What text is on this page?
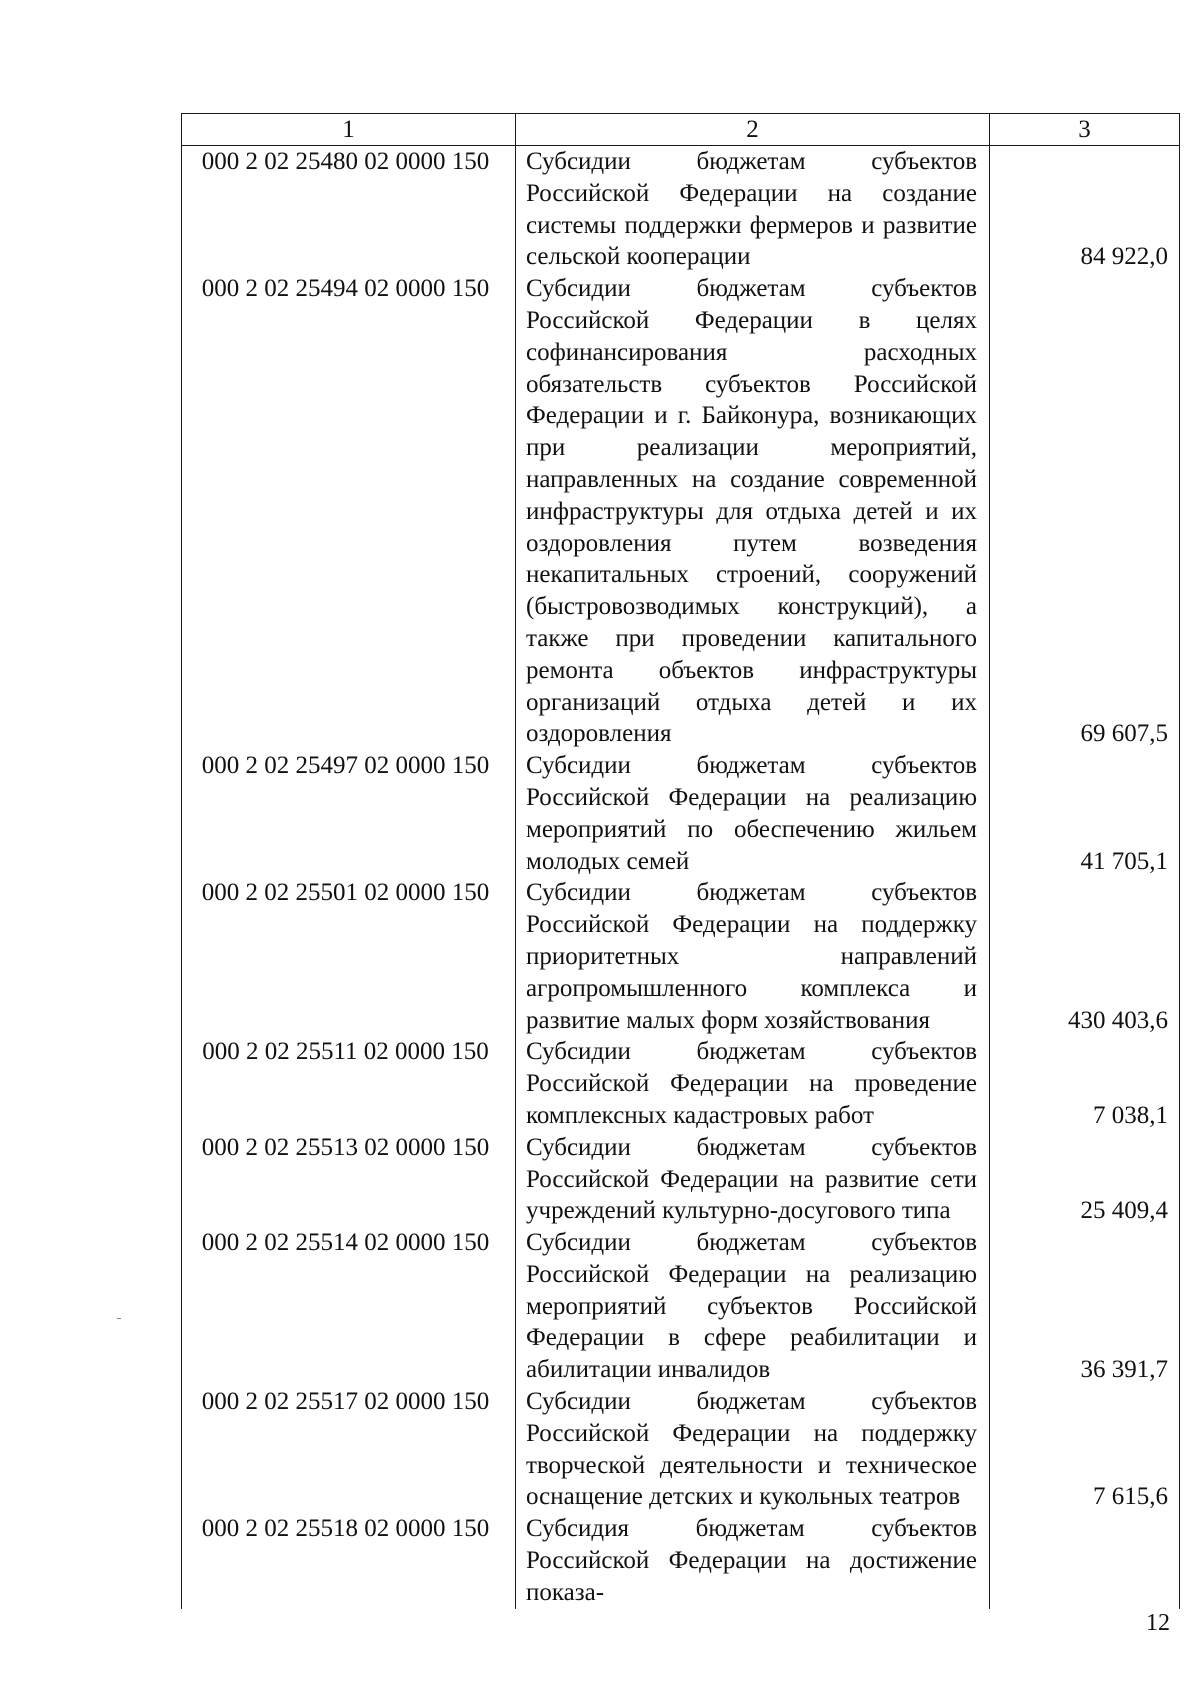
1	2	3
000 2 02 25480 02 0000 150	Субсидии бюджетам субъектов Российской Федерации на создание системы поддержки фермеров и развитие сельской кооперации	84 922,0
000 2 02 25494 02 0000 150	Субсидии бюджетам субъектов Российской Федерации в целях софинансирования расходных обязательств субъектов Российской Федерации и г. Байконура, возникающих при реализации мероприятий, направленных на создание современной инфраструктуры для отдыха детей и их оздоровления путем возведения некапитальных строений, сооружений (быстровозводимых конструкций), а также при проведении капитального ремонта объектов инфраструктуры организаций отдыха детей и их оздоровления	69 607,5
000 2 02 25497 02 0000 150	Субсидии бюджетам субъектов Российской Федерации на реализацию мероприятий по обеспечению жильем молодых семей	41 705,1
000 2 02 25501 02 0000 150	Субсидии бюджетам субъектов Российской Федерации на поддержку приоритетных направлений агропромышленного комплекса и развитие малых форм хозяйствования	430 403,6
000 2 02 25511 02 0000 150	Субсидии бюджетам субъектов Российской Федерации на проведение комплексных кадастровых работ	7 038,1
000 2 02 25513 02 0000 150	Субсидии бюджетам субъектов Российской Федерации на развитие сети учреждений культурно-досугового типа	25 409,4
000 2 02 25514 02 0000 150	Субсидии бюджетам субъектов Российской Федерации на реализацию мероприятий субъектов Российской Федерации в сфере реабилитации и абилитации инвалидов	36 391,7
000 2 02 25517 02 0000 150	Субсидии бюджетам субъектов Российской Федерации на поддержку творческой деятельности и техническое оснащение детских и кукольных театров	7 615,6
000 2 02 25518 02 0000 150	Субсидия бюджетам субъектов Российской Федерации на достижение показа-	
12
